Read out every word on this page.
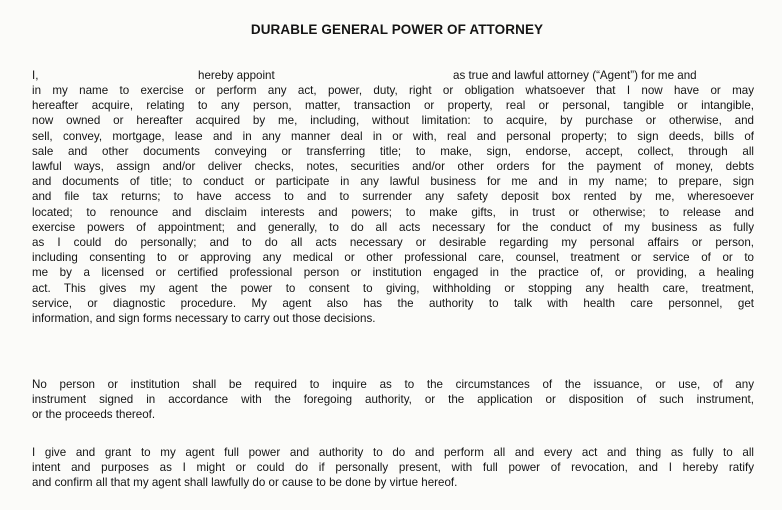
DURABLE GENERAL POWER OF ATTORNEY
I,	hereby appoint	as true and lawful attorney (“Agent”) for me and
in my name to exercise or perform any act, power, duty, right or obligation whatsoever that I now have or may
hereafter acquire, relating to any person, matter, transaction or property, real or personal, tangible or intangible,
now owned or hereafter acquired by me, including, without limitation: to acquire, by purchase or otherwise, and
sell, convey, mortgage, lease and in any manner deal in or with, real and personal property; to sign deeds, bills of
sale and other documents conveying or transferring title; to make, sign, endorse, accept, collect, through all
lawful ways, assign and/or deliver checks, notes, securities and/or other orders for the payment of money, debts
and documents of title; to conduct or participate in any lawful business for me and in my name; to prepare, sign
and file tax returns; to have access to and to surrender any safety deposit box rented by me, wheresoever
located; to renounce and disclaim interests and powers; to make gifts, in trust or otherwise; to release and
exercise powers of appointment; and generally, to do all acts necessary for the conduct of my business as fully
as I could do personally; and to do all acts necessary or desirable regarding my personal affairs or person,
including consenting to or approving any medical or other professional care, counsel, treatment or service of or to
me by a licensed or certified professional person or institution engaged in the practice of, or providing, a healing
act. This gives my agent the power to consent to giving, withholding or stopping any health care, treatment,
service, or diagnostic procedure. My agent also has the authority to talk with health care personnel, get
information, and sign forms necessary to carry out those decisions.
No person or institution shall be required to inquire as to the circumstances of the issuance, or use, of any
instrument signed in accordance with the foregoing authority, or the application or disposition of such instrument,
or the proceeds thereof.
I give and grant to my agent full power and authority to do and perform all and every act and thing as fully to all
intent and purposes as I might or could do if personally present, with full power of revocation, and I hereby ratify
and confirm all that my agent shall lawfully do or cause to be done by virtue hereof.
